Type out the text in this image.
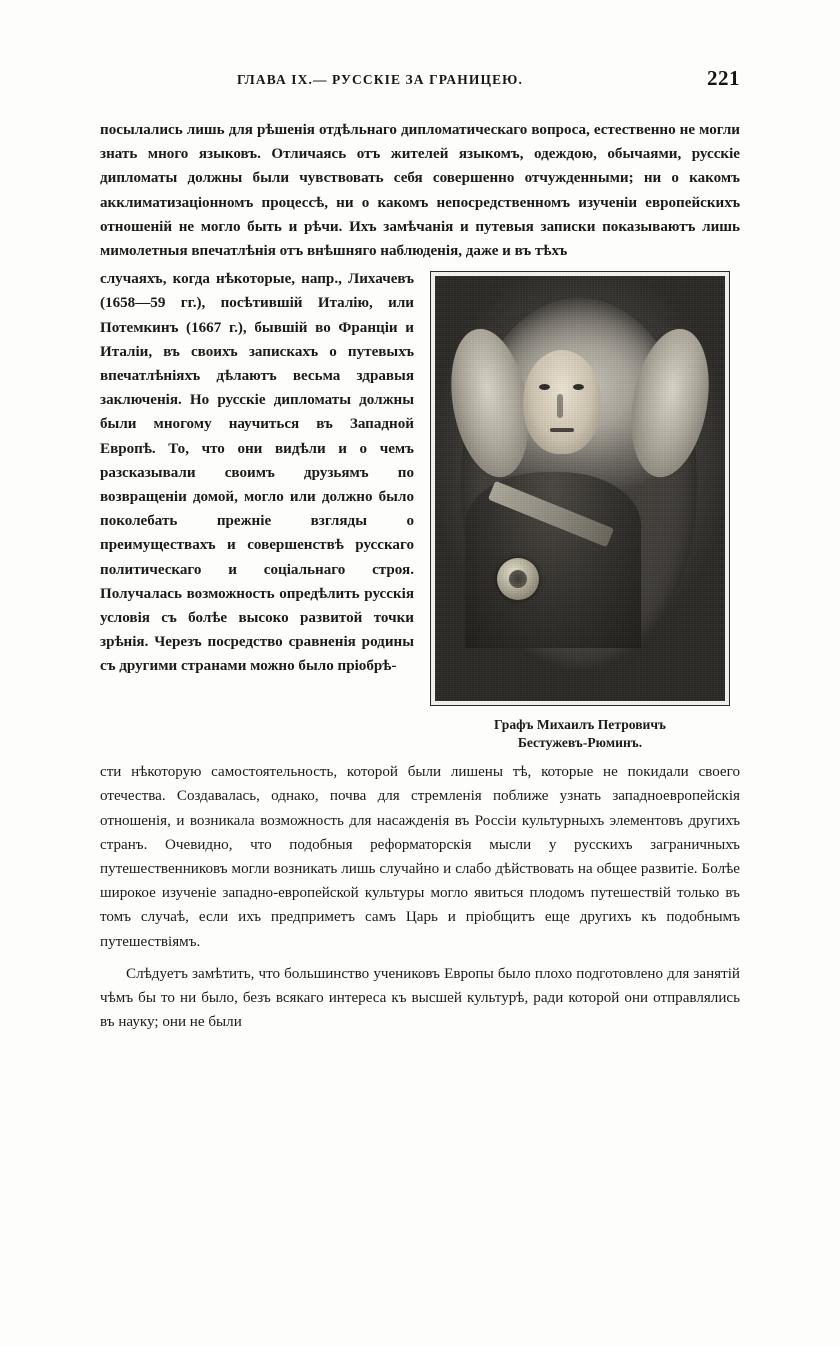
ГЛАВА IX.— РУССКІЕ ЗА ГРАНИЦЕЮ.	221

посылались лишь для рѣшенія отдѣльнаго дипломатическаго вопроса, естественно не могли знать много языковъ. Отличаясь отъ жителей языкомъ, одеждою, обычаями, русскіе дипломаты должны были чувствовать себя совершенно отчужденными; ни о какомъ акклиматизаціонномъ процессѣ, ни о какомъ непосредственномъ изученіи европейскихъ отношеній не могло быть и рѣчи. Ихъ замѣчанія и путевыя записки показываютъ лишь мимолетныя впечатлѣнія отъ внѣшняго наблюденія, даже и въ тѣхъ

Графъ Михаилъ Петровичъ
Бестужевъ-Рюминъ.
случаяхъ, когда нѣкоторые, напр., Лихачевъ (1658—59 гг.), посѣтившій Италію, или Потемкинъ (1667 г.), бывшій во Франціи и Италіи, въ своихъ запискахъ о путевыхъ впечатлѣніяхъ дѣлаютъ весьма здравыя заключенія. Но русскіе дипломаты должны были многому научиться въ Западной Европѣ. То, что они видѣли и о чемъ разсказывали своимъ друзьямъ по возвращеніи домой, могло или должно было поколебать прежніе взгляды о преимуществахъ и совершенствѣ русскаго политическаго и соціальнаго строя. Получалась возможность опредѣлить русскія условія съ болѣе высоко развитой точки зрѣнія. Черезъ посредство сравненія родины съ другими странами можно было пріобрѣ-

сти нѣкоторую самостоятельность, которой были лишены тѣ, которые не покидали своего отечества. Создавалась, однако, почва для стремленія поближе узнать западноевропейскія отношенія, и возникала возможность для насажденія въ Россіи культурныхъ элементовъ другихъ странъ. Очевидно, что подобныя реформаторскія мысли у русскихъ заграничныхъ путешественниковъ могли возникать лишь случайно и слабо дѣйствовать на общее развитіе. Болѣе широкое изученіе западно-европейской культуры могло явиться плодомъ путешествій только въ томъ случаѣ, если ихъ предприметъ самъ Царь и пріобщитъ еще другихъ къ подобнымъ путешествіямъ.

Слѣдуетъ замѣтить, что большинство учениковъ Европы было плохо подготовлено для занятій чѣмъ бы то ни было, безъ всякаго интереса къ высшей культурѣ, ради которой они отправлялись въ науку; они не были
